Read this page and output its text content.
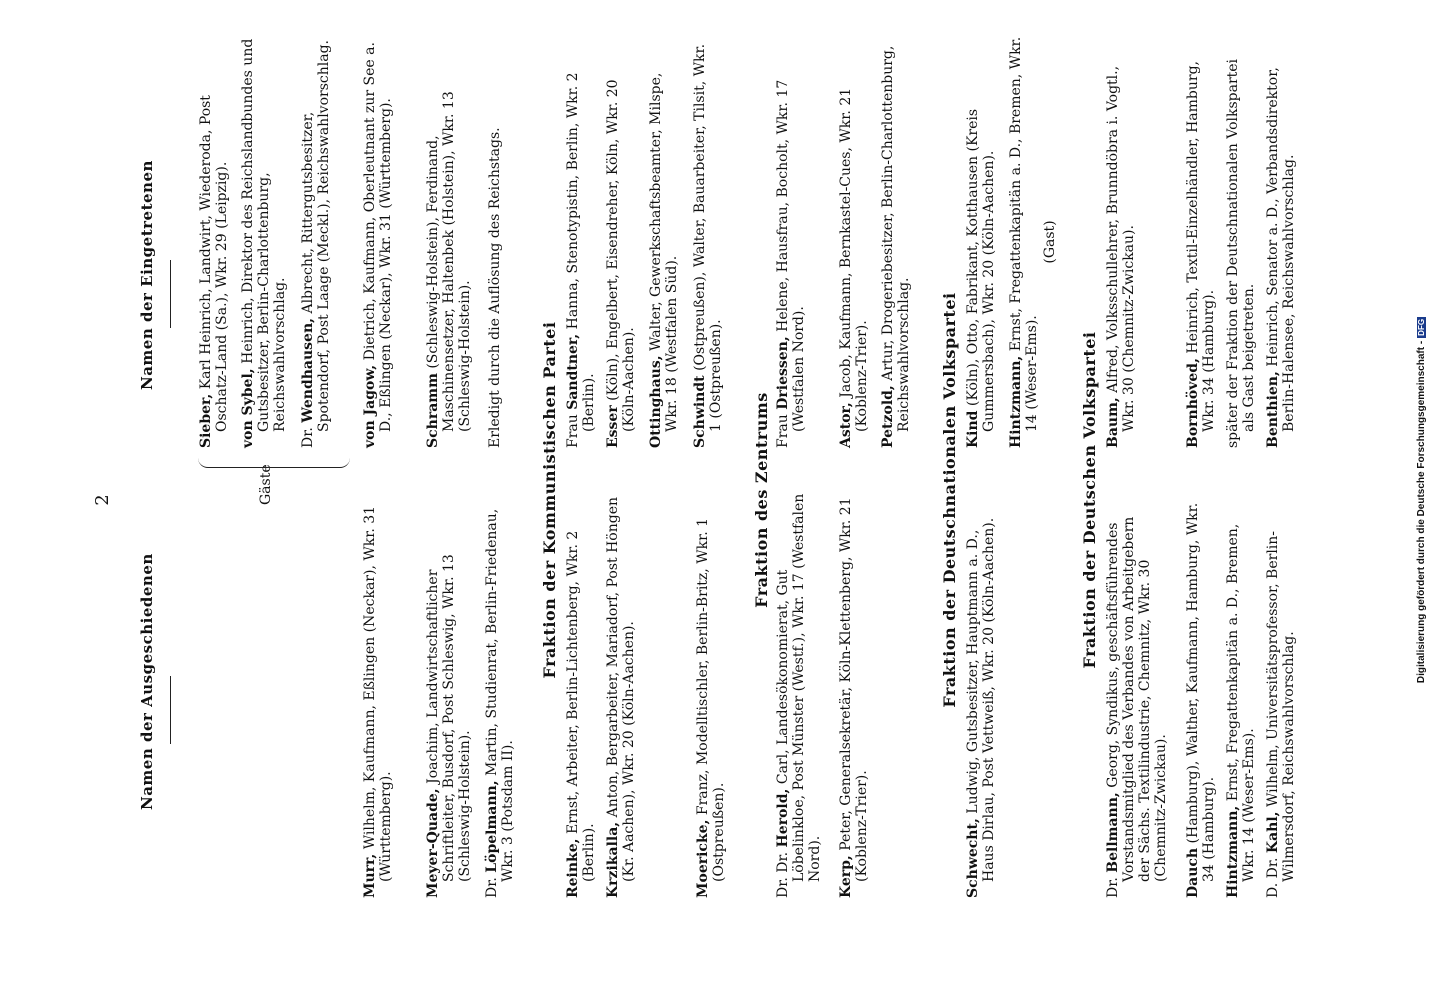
2
Namen der Ausgeschiedenen
Namen der Eingetretenen
Gäste
Murr, Wilhelm, Kaufmann, Eßlingen (Neckar), Wkr. 31 (Württemberg). Meyer-Quade, Joachim, Landwirtschaftlicher Schriftleiter, Busdorf, Post Schleswig, Wkr. 13 (Schleswig-Holstein).
Dr. Löpelmann, Martin, Studienrat, Berlin-Friedenau, Wkr. 3 (Potsdam II).
Sieber, Karl Heinrich, Landwirt, Wiederoda, Post Oschatz-Land (Sa.), Wkr. 29 (Leipzig). von Sybel, Heinrich, Direktor des Reichslandbundes und Gutsbesitzer, Berlin-Charlottenburg, Reichswahlvorschlag.
Dr. Wendhausen, Albrecht, Rittergutsbesitzer, Spotendorf, Post Laage (Meckl.), Reichswahlvorschlag. von Jagow, Dietrich, Kaufmann, Oberleutnant zur See a. D., Eßlingen (Neckar), Wkr. 31 (Württemberg). Schramm (Schleswig-Holstein), Ferdinand, Maschinensetzer, Haltenbek (Holstein), Wkr. 13 (Schleswig-Holstein). Erledigt durch die Auflösung des Reichstags.
Fraktion der Kommunistischen Partei
Reinke, Ernst, Arbeiter, Berlin-Lichtenberg, Wkr. 2 (Berlin). Krzikalla, Anton, Bergarbeiter, Mariadorf, Post Höngen (Kr. Aachen), Wkr. 20 (Köln-Aachen).	Moericke, Franz, Modelltischler, Berlin-Britz, Wkr. 1 (Ostpreußen).
Frau Sandtner, Hanna, Stenotypistin, Berlin, Wkr. 2 (Berlin). Esser (Köln), Engelbert, Eisendreher, Köln, Wkr. 20 (Köln-Aachen). Ottinghaus, Walter, Gewerkschaftsbeamter, Milspe, Wkr. 18 (Westfalen Süd). Schwindt (Ostpreußen), Walter, Bauarbeiter, Tilsit, Wkr. 1 (Ostpreußen).
Fraktion des Zentrums
Dr. Dr. Herold, Carl, Landesökonomierat, Gut Löbelinkloe, Post Münster (Westf.), Wkr. 17 (Westfalen Nord). Kerp, Peter, Generalsekretär, Köln-Klettenberg, Wkr. 21 (Koblenz-Trier).
Frau Driessen, Helene, Hausfrau, Bocholt, Wkr. 17 (Westfalen Nord). Astor, Jacob, Kaufmann, Bernkastel-Cues, Wkr. 21 (Koblenz-Trier). Petzold, Artur, Drogeriebesitzer, Berlin-Charlottenburg, Reichswahlvorschlag. Fraktion der Deutschnationalen Volkspartei
Schwecht, Ludwig, Gutsbesitzer, Hauptmann a. D., Haus Dirlau, Post Vettweiß, Wkr. 20 (Köln-Aachen).
Kind (Köln), Otto, Fabrikant, Kotthausen (Kreis Gummersbach), Wkr. 20 (Köln-Aachen). Hintzmann, Ernst, Fregattenkapitän a. D., Bremen, Wkr. 14 (Weser-Ems).
(Gast)
Fraktion der Deutschen Volkspartei
Dr. Bellmann, Georg, Syndikus, geschäftsführendes Vorstandsmitglied des Verbandes von Arbeitgebern der Sächs. Textilindustrie, Chemnitz, Wkr. 30 (Chemnitz-Zwickau). Dauch (Hamburg), Walther, Kaufmann, Hamburg, Wkr. 34 (Hamburg). Hintzmann, Ernst, Fregattenkapitän a. D., Bremen, Wkr. 14 (Weser-Ems). D. Dr. Kahl, Wilhelm, Universitätsprofessor, Berlin-Wilmersdorf, Reichswahlvorschlag.
Baum, Alfred, Volksschullehrer, Brunndöbra i. Vogtl., Wkr. 30 (Chemnitz-Zwickau).	Bornhöved, Heinrich, Textil-Einzelhändler, Hamburg, Wkr. 34 (Hamburg). später der Fraktion der Deutschnationalen Volkspartei als Gast beigetreten. Benthien, Heinrich, Senator a. D., Verbandsdirektor, Berlin-Halensee, Reichswahlvorschlag.
Digitalisierung gefördert durch die Deutsche Forschungsgemeinschaft -DFG
